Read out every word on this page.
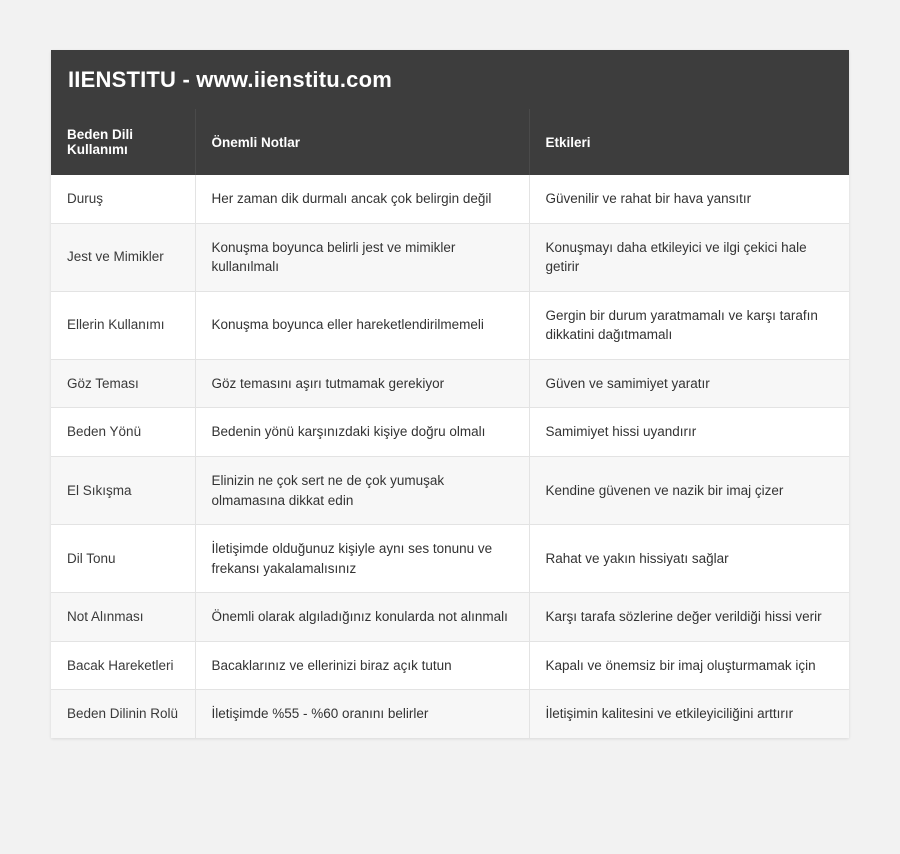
IIENSTITU - www.iienstitu.com
Beden Dili Kullanımı	Önemli Notlar	Etkileri
Duruş	Her zaman dik durmalı ancak çok belirgin değil	Güvenilir ve rahat bir hava yansıtır
Jest ve Mimikler	Konuşma boyunca belirli jest ve mimikler kullanılmalı	Konuşmayı daha etkileyici ve ilgi çekici hale getirir
Ellerin Kullanımı	Konuşma boyunca eller hareketlendirilmemeli	Gergin bir durum yaratmamalı ve karşı tarafın dikkatini dağıtmamalı
Göz Teması	Göz temasını aşırı tutmamak gerekiyor	Güven ve samimiyet yaratır
Beden Yönü	Bedenin yönü karşınızdaki kişiye doğru olmalı	Samimiyet hissi uyandırır
El Sıkışma	Elinizin ne çok sert ne de çok yumuşak olmamasına dikkat edin	Kendine güvenen ve nazik bir imaj çizer
Dil Tonu	İletişimde olduğunuz kişiyle aynı ses tonunu ve frekansı yakalamalısınız	Rahat ve yakın hissiyatı sağlar
Not Alınması	Önemli olarak algıladığınız konularda not alınmalı	Karşı tarafa sözlerine değer verildiği hissi verir
Bacak Hareketleri	Bacaklarınız ve ellerinizi biraz açık tutun	Kapalı ve önemsiz bir imaj oluşturmamak için
Beden Dilinin Rolü	İletişimde %55 - %60 oranını belirler	İletişimin kalitesini ve etkileyiciliğini arttırır
